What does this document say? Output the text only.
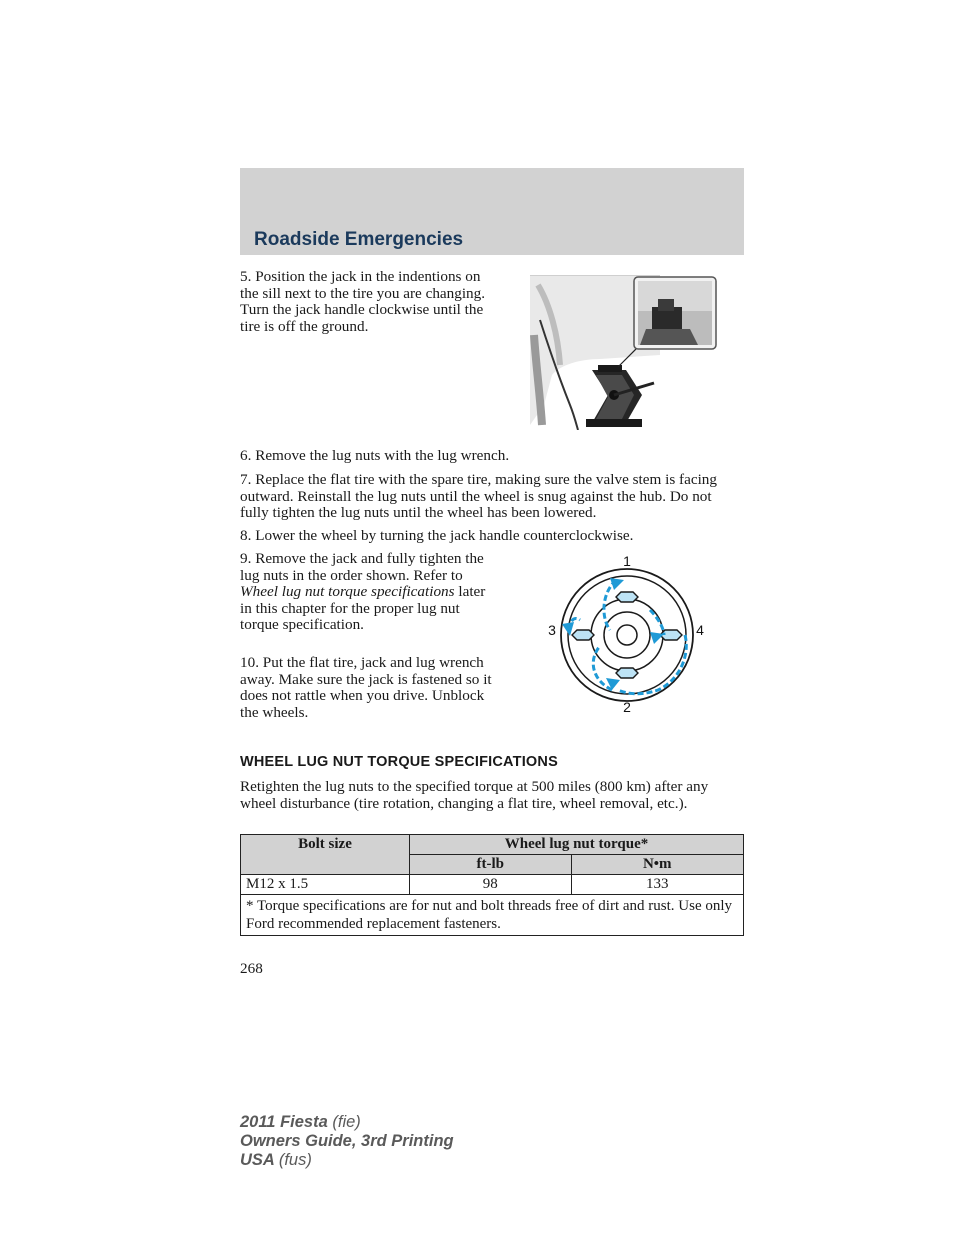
Roadside Emergencies

5. Position the jack in the indentions on the sill next to the tire you are changing. Turn the jack handle clockwise until the tire is off the ground.

6. Remove the lug nuts with the lug wrench.

7. Replace the flat tire with the spare tire, making sure the valve stem is facing outward. Reinstall the lug nuts until the wheel is snug against the hub. Do not fully tighten the lug nuts until the wheel has been lowered.

8. Lower the wheel by turning the jack handle counterclockwise.

9. Remove the jack and fully tighten the lug nuts in the order shown. Refer to Wheel lug nut torque specifications later in this chapter for the proper lug nut torque specification.

10. Put the flat tire, jack and lug wrench away. Make sure the jack is fastened so it does not rattle when you drive. Unblock the wheels.

1
2
3	4
WHEEL LUG NUT TORQUE SPECIFICATIONS

Retighten the lug nuts to the specified torque at 500 miles (800 km) after any wheel disturbance (tire rotation, changing a flat tire, wheel removal, etc.).

Bolt size	Wheel lug nut torque*	
	ft-lb	N•m
M12 x 1.5	98	133
* Torque specifications are for nut and bolt threads free of dirt and rust. Use only Ford recommended replacement fasteners.		
268
2011 Fiesta (fie)
Owners Guide, 3rd Printing
USA (fus)
